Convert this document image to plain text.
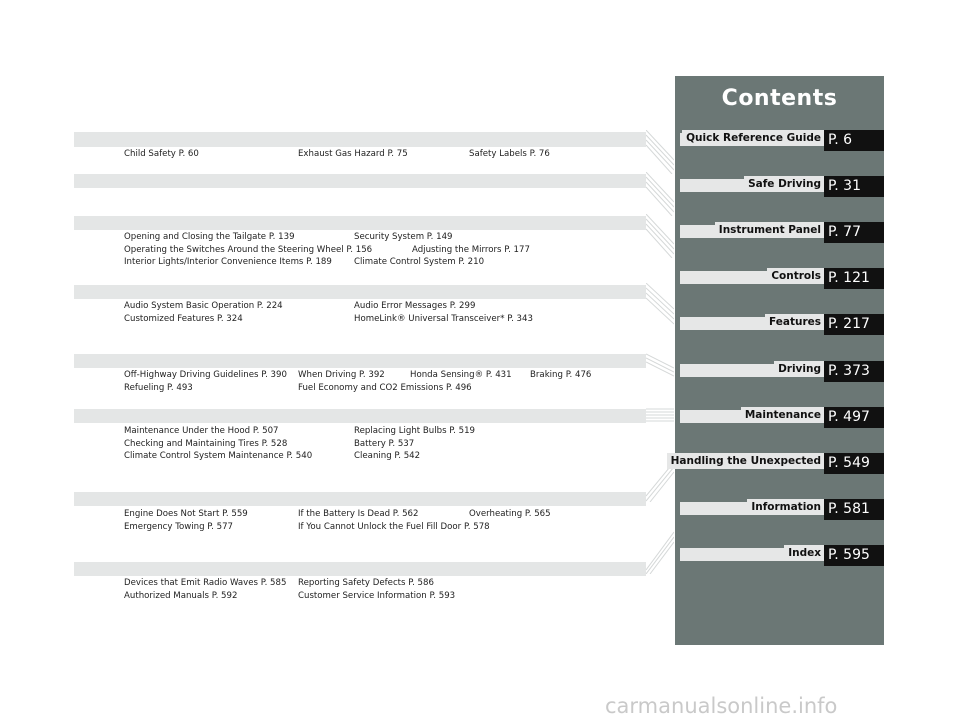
Child Safety P. 60	Exhaust Gas Hazard P. 75	Safety Labels P. 76
Opening and Closing the Tailgate P. 139	Security System P. 149
Operating the Switches Around the Steering Wheel P. 156	Adjusting the Mirrors P. 177
Interior Lights/Interior Convenience Items P. 189	Climate Control System P. 210
Audio System Basic Operation P. 224	Audio Error Messages P. 299
Customized Features P. 324	HomeLink® Universal Transceiver* P. 343
Off-Highway Driving Guidelines P. 390 When Driving P. 392	Honda Sensing® P. 431 Braking P. 476
Refueling P. 493	Fuel Economy and CO2 Emissions P. 496
Maintenance Under the Hood P. 507	Replacing Light Bulbs P. 519
Checking and Maintaining Tires P. 528	Battery P. 537
Climate Control System Maintenance P. 540	Cleaning P. 542
Engine Does Not Start P. 559	If the Battery Is Dead P. 562	Overheating P. 565
Emergency Towing P. 577	If You Cannot Unlock the Fuel Fill Door P. 578
Devices that Emit Radio Waves P. 585 Reporting Safety Defects P. 586
Authorized Manuals P. 592	Customer Service Information P. 593
Contents
Quick Reference Guide P. 6
Safe Driving P. 31
Instrument Panel P. 77
Controls P. 121
Features P. 217
Driving P. 373
Maintenance P. 497
Handling the Unexpected P. 549
Information P. 581
Index P. 595
carmanualsonline.info
